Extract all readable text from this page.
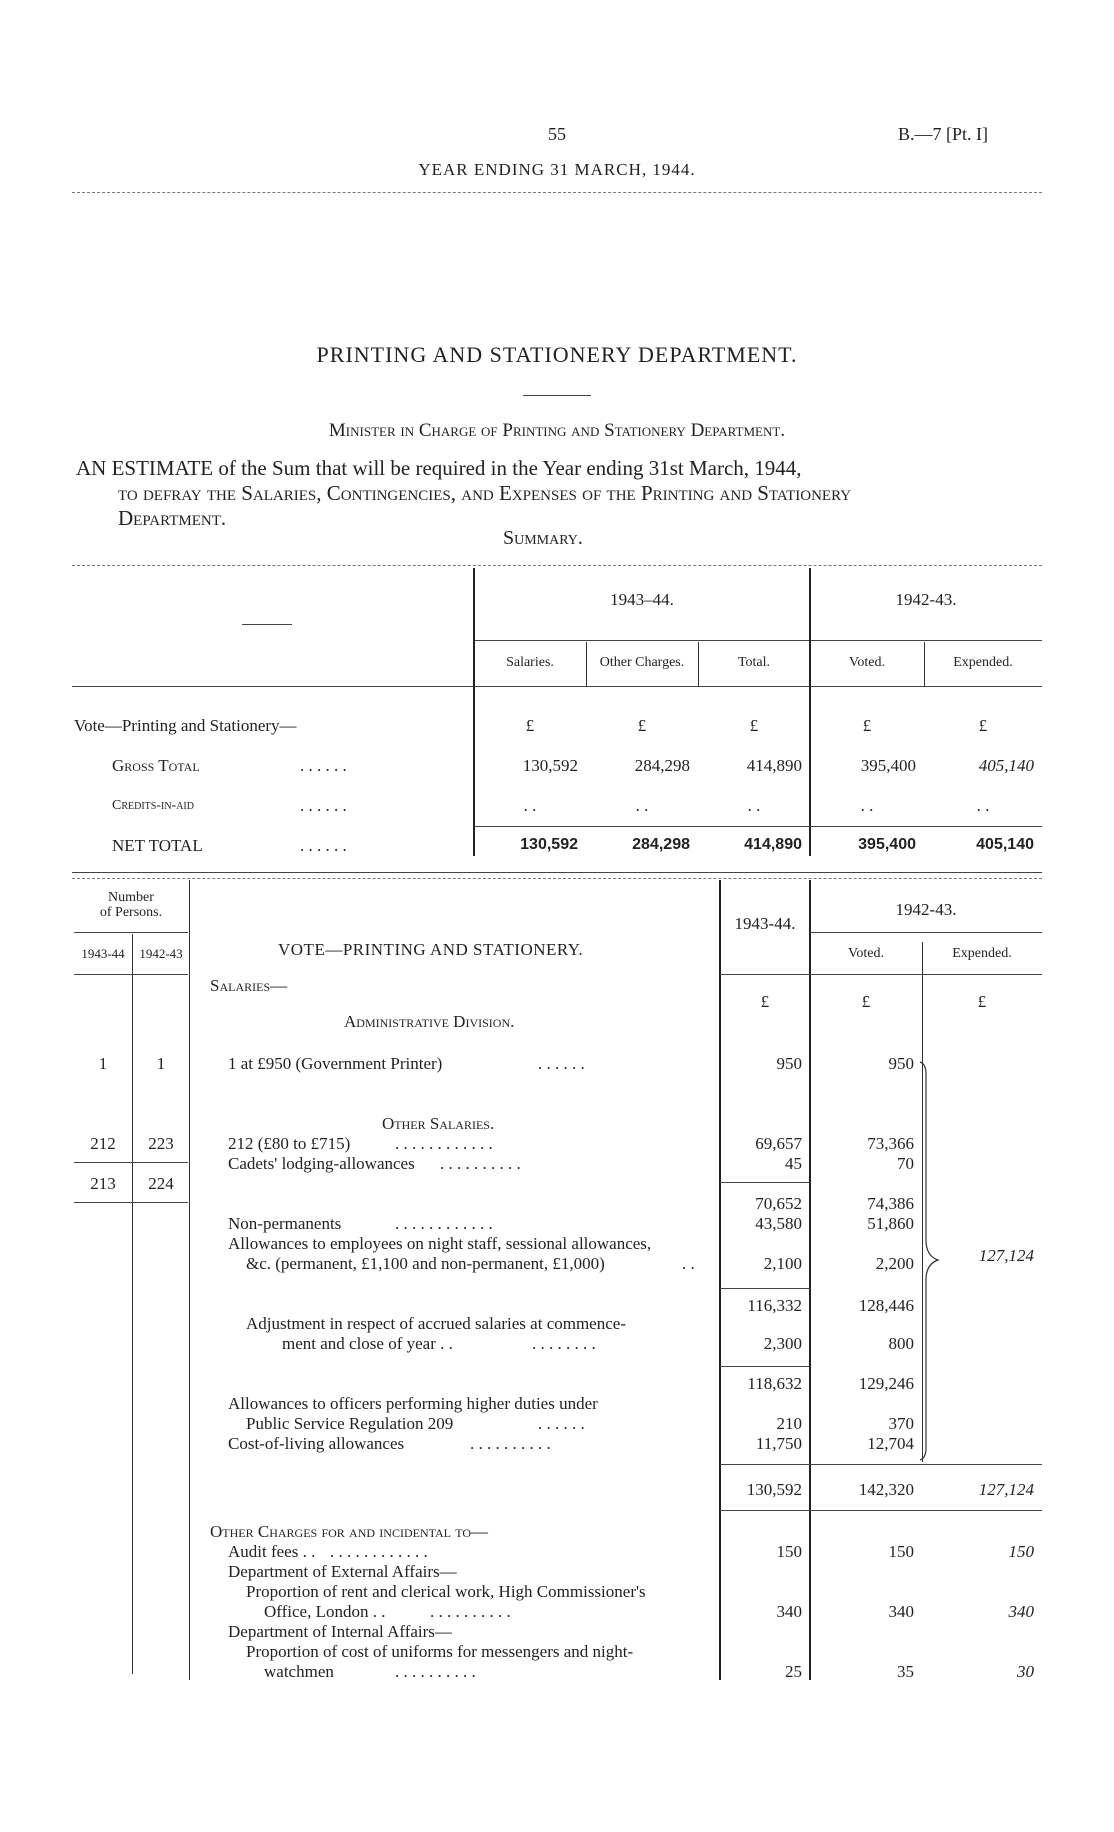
55	B.—7 [Pt. I]
YEAR ENDING 31 MARCH, 1944.
PRINTING AND STATIONERY DEPARTMENT.
Minister in Charge of Printing and Stationery Department.
AN ESTIMATE of the Sum that will be required in the Year ending 31st March, 1944,
to defray the Salaries, Contingencies, and Expenses of the Printing and Stationery
Department.
Summary.
1943–44.	1942-43.
Salaries.	Other Charges.	Total.	Voted.	Expended.
Vote—Printing and Stationery—	£	£	£	£	£
Gross Total	. . . . . .	130,592	284,298	414,890	395,400	405,140
Credits-in-aid	. . . . . .	. .	. .	. .	. .	. .
NET TOTAL	. . . . . .	130,592	284,298	414,890	395,400	405,140
Number
of Persons.
1943-44	1942-43	VOTE—PRINTING AND STATIONERY.
1943-44.
1942-43.
Voted.	Expended.
Salaries—
£	£	£
Administrative Division.
1	1	1 at £950 (Government Printer)	. . . . . .	950	950
Other Salaries.
212	223	212 (£80 to £715)	. . . . . . . . . . . .	69,657	73,366
Cadets' lodging-allowances . . . . . . . . . .	45	70
213	224
70,652	74,386
Non-permanents	. . . . . . . . . . . .	43,580	51,860
Allowances to employees on night staff, sessional allowances,
&c. (permanent, £1,100 and non-permanent, £1,000)	. .	2,100	2,200	127,124
116,332	128,446
Adjustment in respect of accrued salaries at commence-
ment and close of year . .	. . . . . . . .	2,300	800
118,632	129,246
Allowances to officers performing higher duties under
Public Service Regulation 209	. . . . . .	210	370
Cost-of-living allowances	. . . . . . . . . .	11,750	12,704
130,592	142,320	127,124
Other Charges for and incidental to—
Audit fees . . . . . . . . . . . . . .	150	150	150
Department of External Affairs—
Proportion of rent and clerical work, High Commissioner's
Office, London . .	. . . . . . . . . .	340	340	340
Department of Internal Affairs—
Proportion of cost of uniforms for messengers and night-
watchmen	. . . . . . . . . .	25	35	30
